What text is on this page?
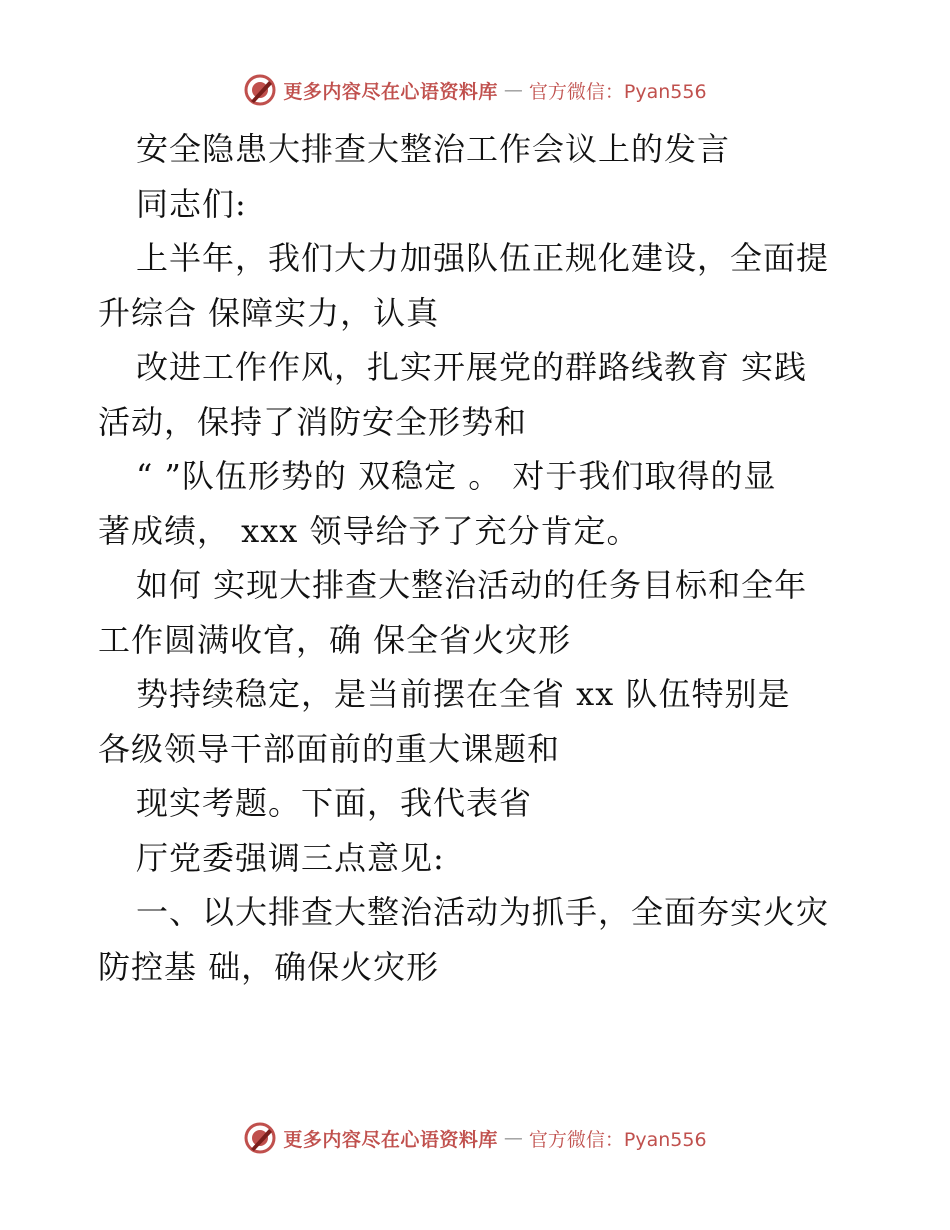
更多内容尽在心语资料库 — 官方微信：Pyan556
安全隐患大排查大整治工作会议上的发言
同志们:
上半年，我们大力加强队伍正规化建设，全面提
升综合 保障实力，认真
改进工作作风，扎实开展党的群路线教育 实践
活动，保持了消防安全形势和
“ ”队伍形势的 双稳定 。 对于我们取得的显
著成绩， xxx 领导给予了充分肯定。
如何 实现大排查大整治活动的任务目标和全年
工作圆满收官，确 保全省火灾形
势持续稳定，是当前摆在全省 xx 队伍特别是
各级领导干部面前的重大课题和
现实考题。下面，我代表省
厅党委强调三点意见:
一、以大排查大整治活动为抓手，全面夯实火灾
防控基 础，确保火灾形
更多内容尽在心语资料库 — 官方微信：Pyan556
